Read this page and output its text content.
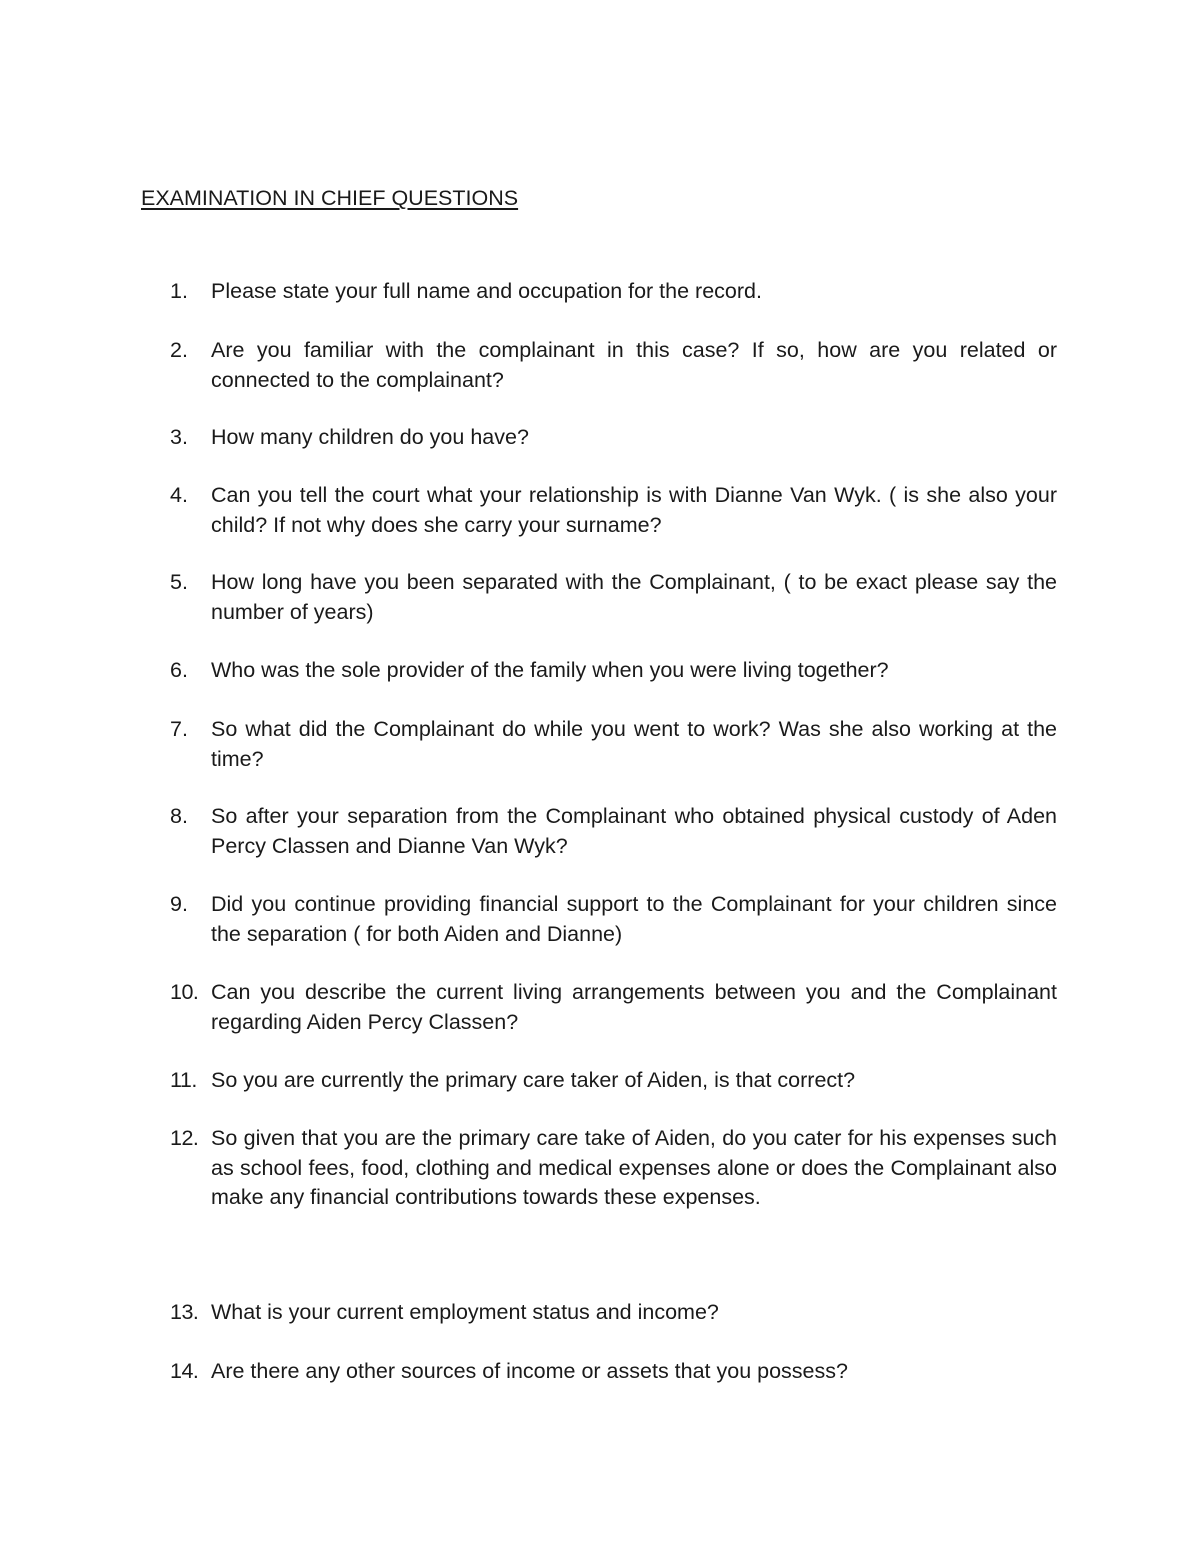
EXAMINATION IN CHIEF QUESTIONS
1.	Please state your full name and occupation for the record.
2.	Are you familiar with the complainant in this case? If so, how are you related or connected to the complainant?
3.	How many children do you have?
4.	Can you tell the court what your relationship is with Dianne Van Wyk. ( is she also your child? If not why does she carry your surname?
5.	How long have you been separated with the Complainant, ( to be exact please say the number of years)
6.	Who was the sole provider of the family when you were living together?
7.	So what did the Complainant do while you went to work? Was she also working at the time?
8.	So after your separation from the Complainant who obtained physical custody of Aden Percy Classen and Dianne Van Wyk?
9.	Did you continue providing financial support to the Complainant for your children since the separation ( for both Aiden and Dianne)
10. Can you describe the current living arrangements between you and the Complainant regarding Aiden Percy Classen?
11. So you are currently the primary care taker of Aiden, is that correct?
12. So given that you are the primary care take of Aiden, do you cater for his expenses such as school fees, food, clothing and medical expenses alone or does the Complainant also make any financial contributions towards these expenses.
13. What is your current employment status and income?
14. Are there any other sources of income or assets that you possess?
